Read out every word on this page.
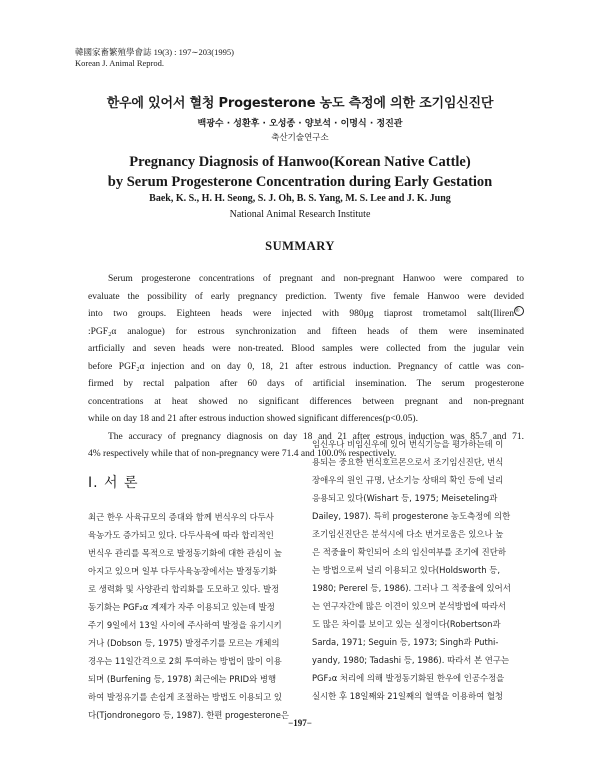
韓國家畜繁殖學會誌 19(3) : 197∼203(1995)
Korean J. Animal Reprod.
한우에 있어서 혈청 Progesterone 농도 측정에 의한 조기임신진단
백광수 · 성환후 · 오성종 · 양보석 · 이명식 · 정진관
축산기술연구소
Pregnancy Diagnosis of Hanwoo(Korean Native Cattle)
by Serum Progesterone Concentration during Early Gestation
Baek, K. S., H. H. Seong, S. J. Oh, B. S. Yang, M. S. Lee and J. K. Jung
National Animal Research Institute
SUMMARY
Serum progesterone concentrations of pregnant and non-pregnant Hanwoo were compared to
evaluate the possibility of early pregnancy prediction. Twenty five female Hanwoo were devided
into two groups. Eighteen heads were injected with 980μg tiaprost trometamol salt(Iliren®
:PGF₂α analogue) for estrous synchronization and fifteen heads of them were inseminated
artficially and seven heads were non-treated. Blood samples were collected from the jugular vein
before PGF₂α injection and on day 0, 18, 21 after estrous induction. Pregnancy of cattle was con-
firmed by rectal palpation after 60 days of artificial insemination. The serum progesterone
concentrations at heat showed no significant differences between pregnant and non-pregnant
while on day 18 and 21 after estrous induction showed significant differences(p<0.05).
The accuracy of pregnancy diagnosis on day 18 and 21 after estrous induction was 85.7 and 71.
4% respectively while that of non-pregnancy were 71.4 and 100.0% respectively.
I. 서 론
최근 한우 사육규모의 증대와 함께 번식우의 다두사
육농가도 증가되고 있다. 다두사육에 따라 합리적인
번식우 관리를 목적으로 발정동기화에 대한 관심이 높
아지고 있으며 일부 다두사육농장에서는 발정동기화
로 생력화 및 사양관리 합리화를 도모하고 있다. 발정
동기화는 PGF₂α 계제가 자주 이용되고 있는데 발정
주기 9일에서 13일 사이에 주사하여 발정을 유기시키
거나 (Dobson 등, 1975) 발정주기를 모르는 개체의
경우는 11일간격으로 2회 투여하는 방법이 많이 이용
되며 (Burfening 등, 1978) 최근에는 PRID와 병행
하여 발정유기를 손쉽게 조절하는 방법도 이용되고 있
다(Tjondronegoro 등, 1987). 한편 progesterone은
임신우나 비임신우에 있어 번식기능을 평가하는데 이
용되는 중요한 번식호르몬으로서 조기임신진단, 번식
장애우의 원인 규명, 난소기능 상태의 확인 등에 널리
응용되고 있다(Wishart 등, 1975; Meiseteling과
Dailey, 1987). 특히 progesterone 농도측정에 의한
조기임신진단은 분석시에 다소 번거로움은 있으나 높
은 적중율이 확인되어 소의 임신여부를 조기에 진단하
는 방법으로써 널리 이용되고 있다(Holdsworth 등,
1980; Pererel 등, 1986). 그러나 그 적중율에 있어서
는 연구자간에 많은 이견이 있으며 분석방법에 따라서
도 많은 차이를 보이고 있는 실정이다(Robertson과
Sarda, 1971; Seguin 등, 1973; Singh과 Puthi-
yandy, 1980; Tadashi 등, 1986). 따라서 본 연구는
PGF₂α 처리에 의해 발정동기화된 한우에 인공수정을
실시한 후 18일째와 21일째의 혈액을 이용하여 혈청
−197−
